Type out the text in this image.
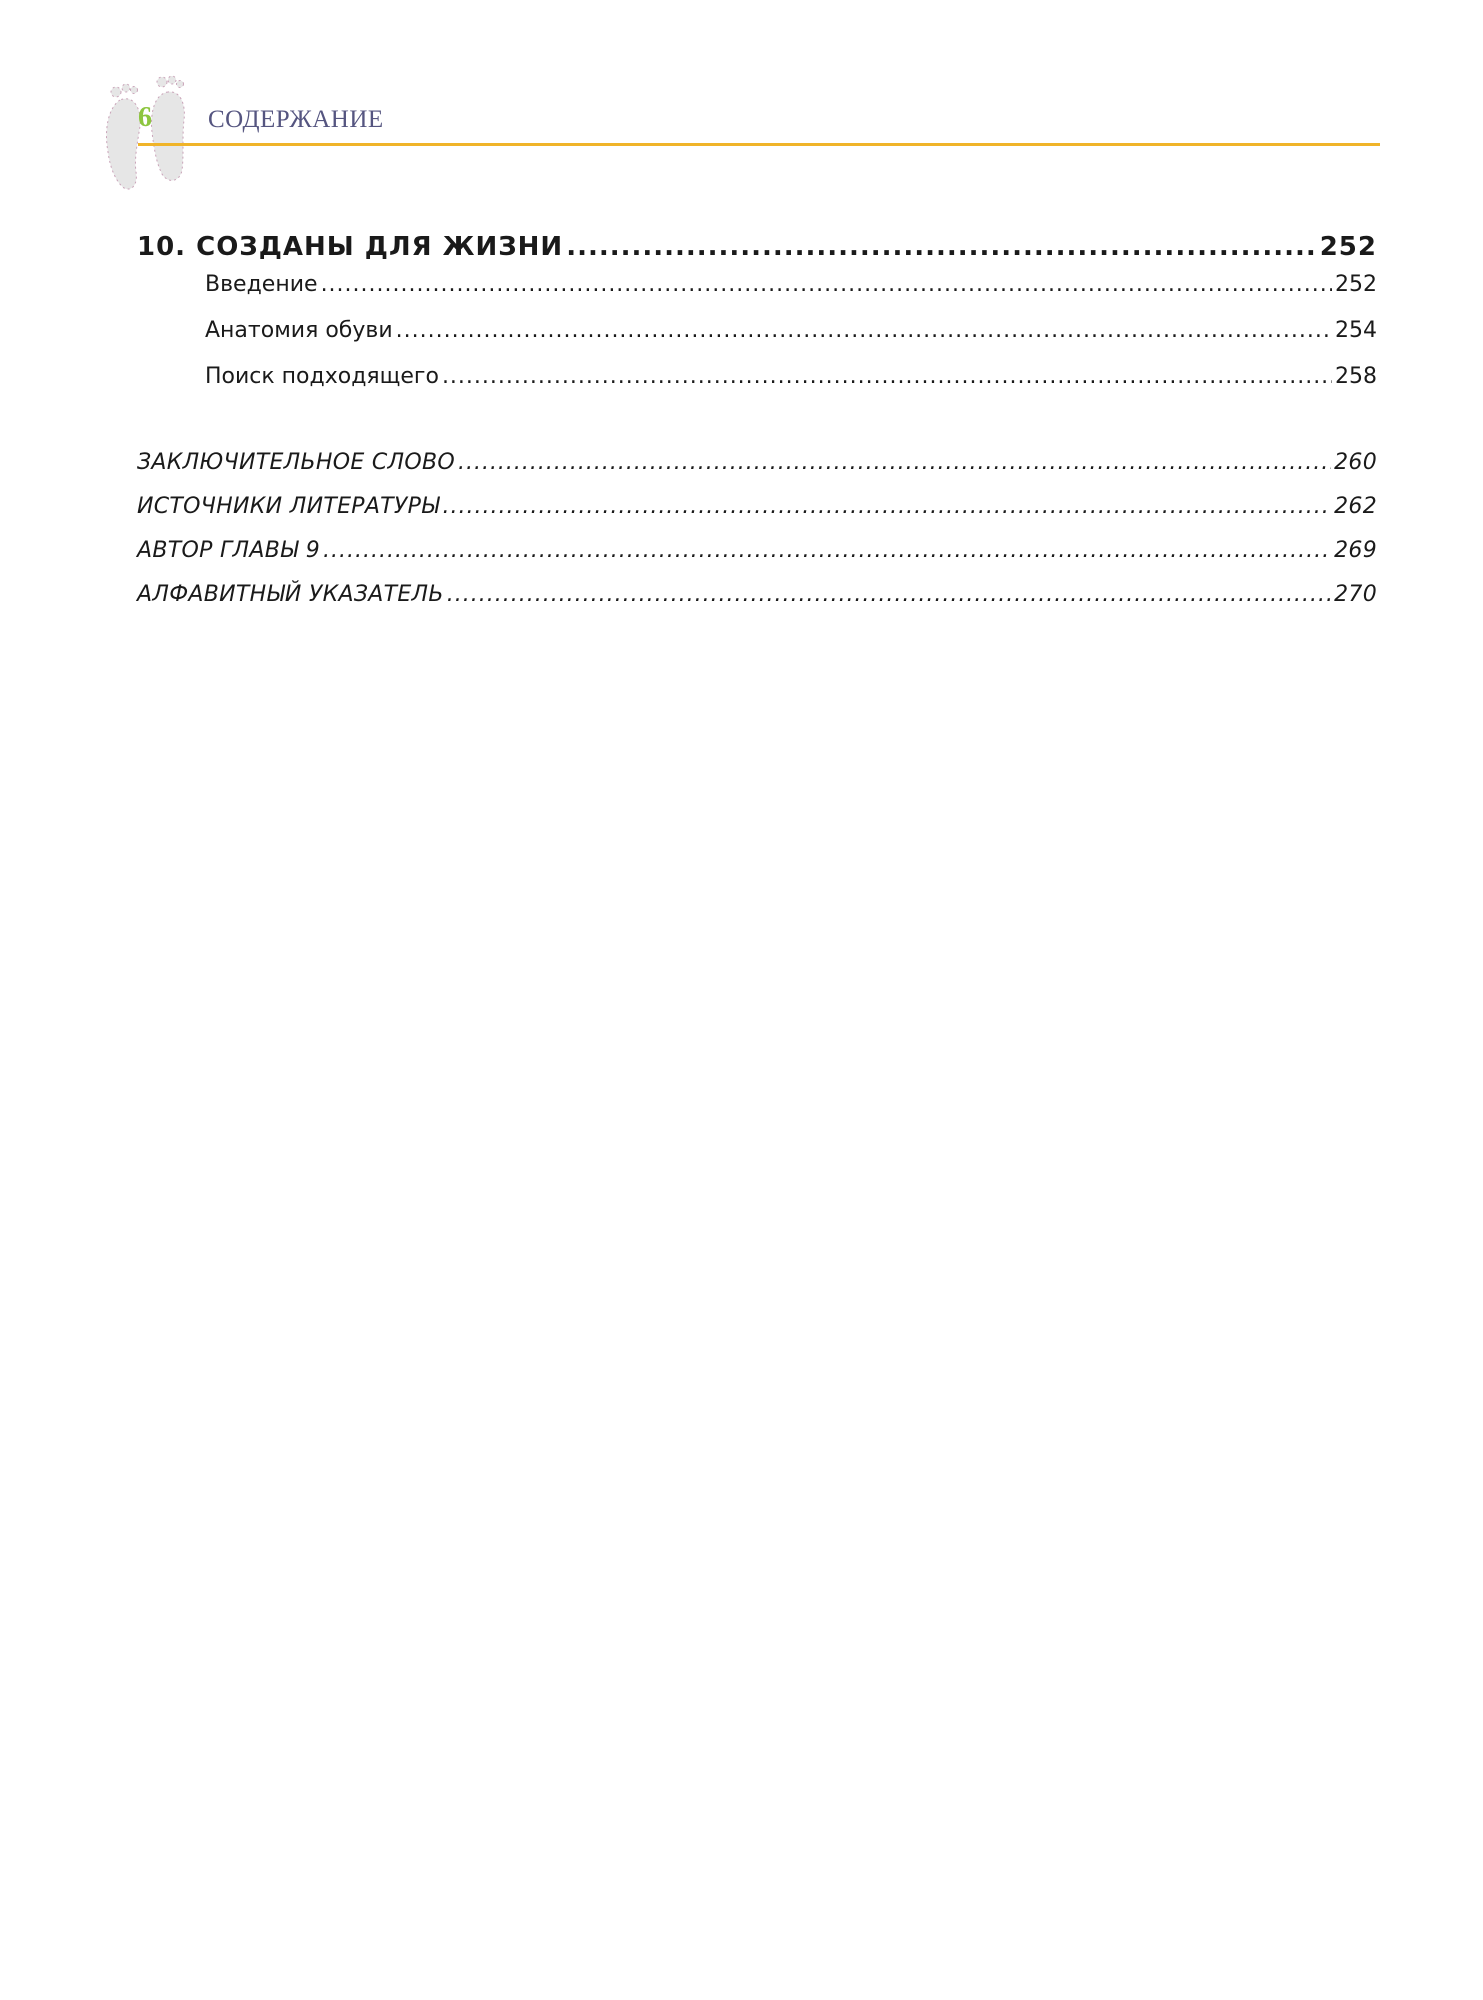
6 СОДЕРЖАНИЕ
10. СОЗДАНЫ ДЛЯ ЖИЗНИ .....	252
Введение .....	252
Анатомия обуви .....	254
Поиск подходящего .....	258
ЗАКЛЮЧИТЕЛЬНОЕ СЛОВО .....	260
ИСТОЧНИКИ ЛИТЕРАТУРЫ .....	262
АВТОР ГЛАВЫ 9 .....	269
АЛФАВИТНЫЙ УКАЗАТЕЛЬ .....	270
